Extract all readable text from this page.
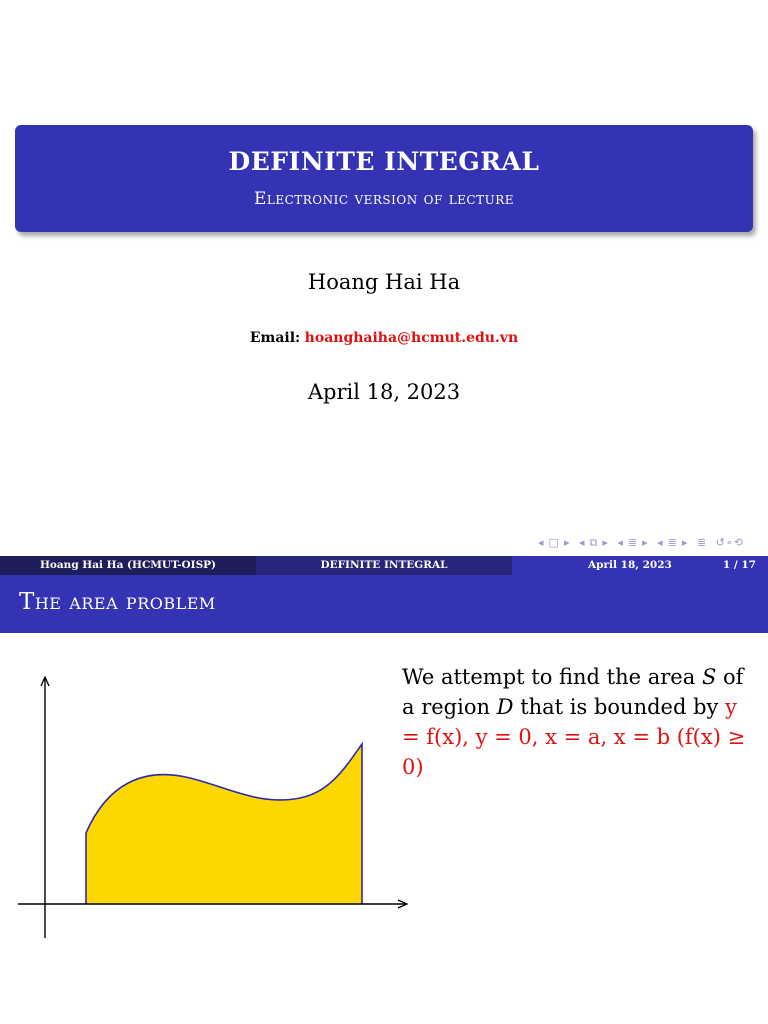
DEFINITE INTEGRAL
Electronic version of lecture
Hoang Hai Ha
Email: hoanghaiha@hcmut.edu.vn
April 18, 2023
◂ □ ▸ ◂ ⧉ ▸ ◂ ≣ ▸ ◂ ≣ ▸ ≣ ↺∘⟲
Hoang Hai Ha (HCMUT-OISP)	DEFINITE INTEGRAL	April 18, 2023	1 / 17
The area problem
We attempt to find the area S of a region D that is bounded by y = f(x), y = 0, x = a, x = b (f(x) ≥ 0)
